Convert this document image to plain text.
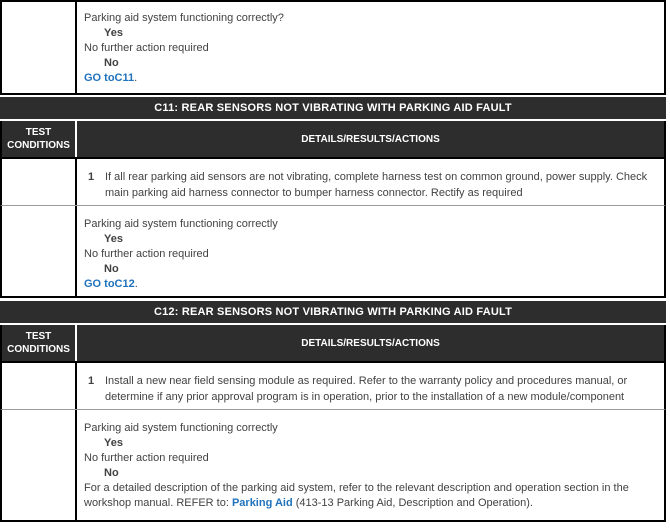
Parking aid system functioning correctly?
Yes
No further action required
No
GO toC11.
C11: REAR SENSORS NOT VIBRATING WITH PARKING AID FAULT
TEST CONDITIONS
DETAILS/RESULTS/ACTIONS
1 If all rear parking aid sensors are not vibrating, complete harness test on common ground, power supply. Check main parking aid harness connector to bumper harness connector. Rectify as required
Parking aid system functioning correctly
Yes
No further action required
No
GO toC12.
C12: REAR SENSORS NOT VIBRATING WITH PARKING AID FAULT
TEST CONDITIONS
DETAILS/RESULTS/ACTIONS
1 Install a new near field sensing module as required. Refer to the warranty policy and procedures manual, or determine if any prior approval program is in operation, prior to the installation of a new module/component
Parking aid system functioning correctly
Yes
No further action required
No
For a detailed description of the parking aid system, refer to the relevant description and operation section in the workshop manual. REFER to: Parking Aid (413-13 Parking Aid, Description and Operation).
